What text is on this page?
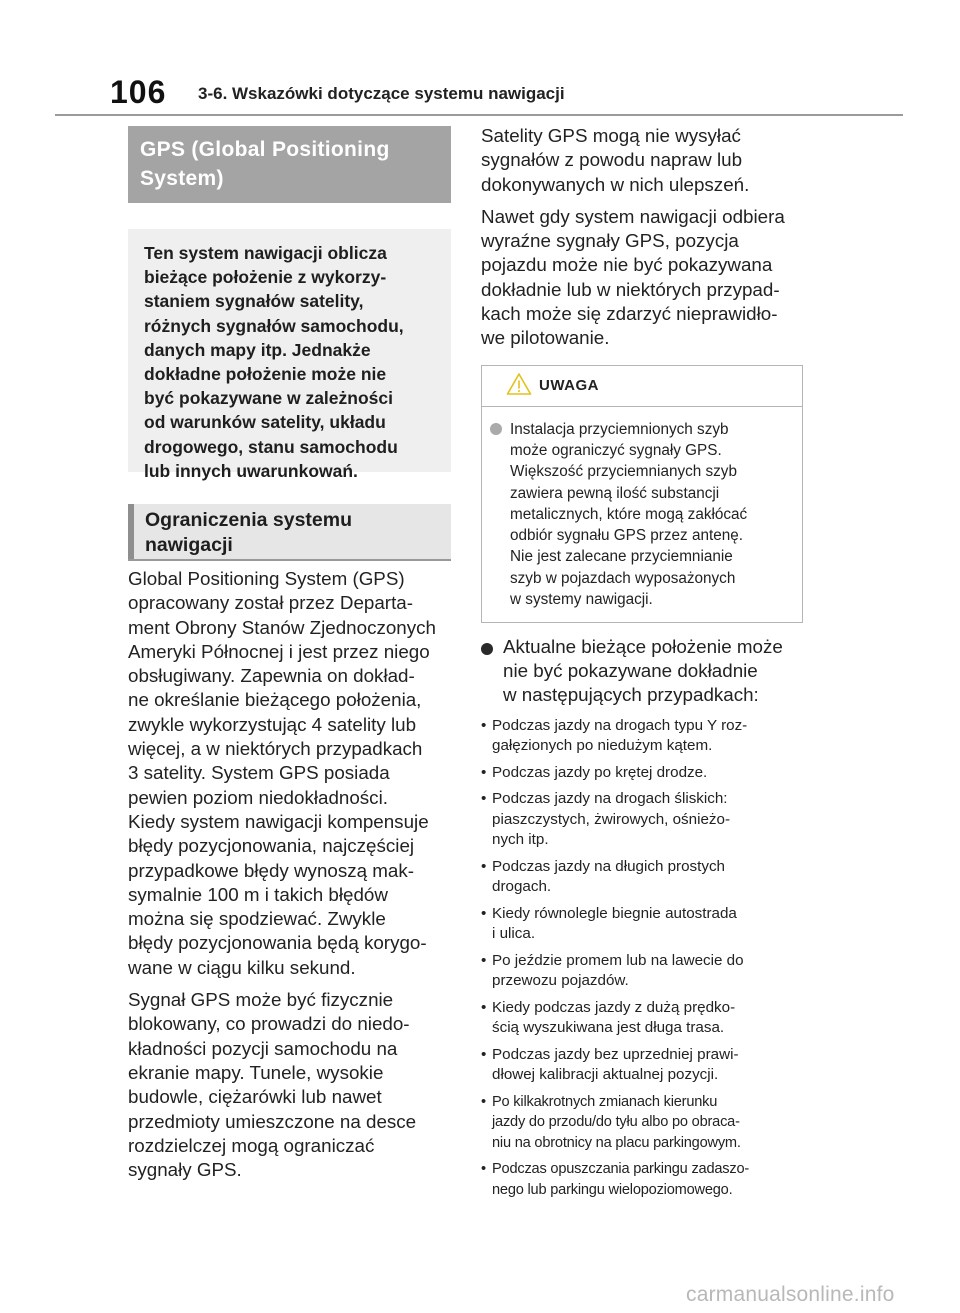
106 3-6. Wskazówki dotyczące systemu nawigacji
GPS (Global Positioning
System)
Ten system nawigacji oblicza
bieżące położenie z wykorzy-
staniem sygnałów satelity,
różnych sygnałów samochodu,
danych mapy itp. Jednakże
dokładne położenie może nie
być pokazywane w zależności
od warunków satelity, układu
drogowego, stanu samochodu
lub innych uwarunkowań.
Ograniczenia systemu
nawigacji
Global Positioning System (GPS)
opracowany został przez Departa-
ment Obrony Stanów Zjednoczonych
Ameryki Północnej i jest przez niego
obsługiwany. Zapewnia on dokład-
ne określanie bieżącego położenia,
zwykle wykorzystując 4 satelity lub
więcej, a w niektórych przypadkach
3 satelity. System GPS posiada
pewien poziom niedokładności.
Kiedy system nawigacji kompensuje
błędy pozycjonowania, najczęściej
przypadkowe błędy wynoszą mak-
symalnie 100 m i takich błędów
można się spodziewać. Zwykle
błędy pozycjonowania będą korygo-
wane w ciągu kilku sekund.
Sygnał GPS może być fizycznie
blokowany, co prowadzi do niedo-
kładności pozycji samochodu na
ekranie mapy. Tunele, wysokie
budowle, ciężarówki lub nawet
przedmioty umieszczone na desce
rozdzielczej mogą ograniczać
sygnały GPS.
Satelity GPS mogą nie wysyłać
sygnałów z powodu napraw lub
dokonywanych w nich ulepszeń.
Nawet gdy system nawigacji odbiera
wyraźne sygnały GPS, pozycja
pojazdu może nie być pokazywana
dokładnie lub w niektórych przypad-
kach może się zdarzyć nieprawidło-
we pilotowanie.
UWAGA
Instalacja przyciemnionych szyb
może ograniczyć sygnały GPS.
Większość przyciemnianych szyb
zawiera pewną ilość substancji
metalicznych, które mogą zakłócać
odbiór sygnału GPS przez antenę.
Nie jest zalecane przyciemnianie
szyb w pojazdach wyposażonych
w systemy nawigacji.
Aktualne bieżące położenie może
nie być pokazywane dokładnie
w następujących przypadkach:
• Podczas jazdy na drogach typu Y roz-
gałęzionych po niedużym kątem.
• Podczas jazdy po krętej drodze.
• Podczas jazdy na drogach śliskich:
piaszczystych, żwirowych, ośnieżo-
nych itp.
• Podczas jazdy na długich prostych
drogach.
• Kiedy równolegle biegnie autostrada
i ulica.
• Po jeździe promem lub na lawecie do
przewozu pojazdów.
• Kiedy podczas jazdy z dużą prędko-
ścią wyszukiwana jest długa trasa.
• Podczas jazdy bez uprzedniej prawi-
dłowej kalibracji aktualnej pozycji.
• Po kilkakrotnych zmianach kierunku
jazdy do przodu/do tyłu albo po obraca-
niu na obrotnicy na placu parkingowym.
• Podczas opuszczania parkingu zadaszo-
nego lub parkingu wielopoziomowego.
carmanualsonline.info
